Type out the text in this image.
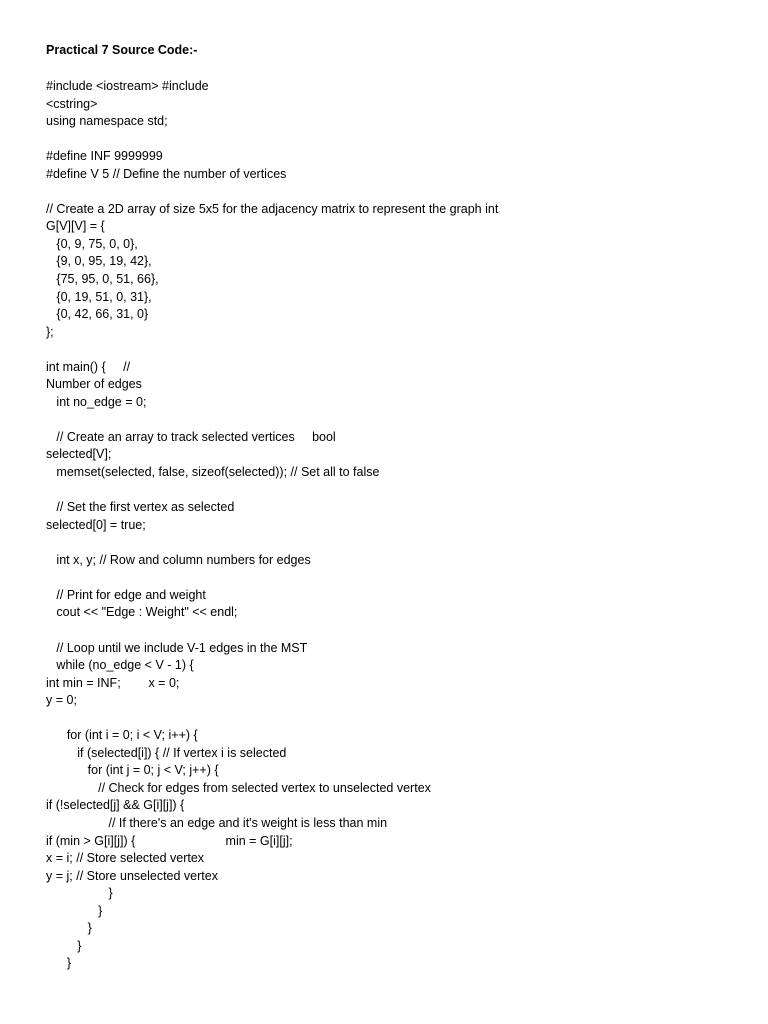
Practical 7 Source Code:-
#include <iostream> #include
<cstring>
using namespace std;
#define INF 9999999
#define V 5 // Define the number of vertices
// Create a 2D array of size 5x5 for the adjacency matrix to represent the graph int
G[V][V] = {
{0, 9, 75, 0, 0},
{9, 0, 95, 19, 42},
{75, 95, 0, 51, 66},
{0, 19, 51, 0, 31},
{0, 42, 66, 31, 0}
};
int main() {     //
Number of edges
int no_edge = 0;
// Create an array to track selected vertices     bool
selected[V];
memset(selected, false, sizeof(selected)); // Set all to false
// Set the first vertex as selected
selected[0] = true;
int x, y; // Row and column numbers for edges
// Print for edge and weight
cout << "Edge : Weight" << endl;
// Loop until we include V-1 edges in the MST
while (no_edge < V - 1) {
int min = INF;        x = 0;
y = 0;
for (int i = 0; i < V; i++) {
if (selected[i]) { // If vertex i is selected
for (int j = 0; j < V; j++) {
// Check for edges from selected vertex to unselected vertex
if (!selected[j] && G[i][j]) {
// If there's an edge and it's weight is less than min
if (min > G[i][j]) {                          min = G[i][j];
x = i; // Store selected vertex
y = j; // Store unselected vertex
}
}
}
}
}
